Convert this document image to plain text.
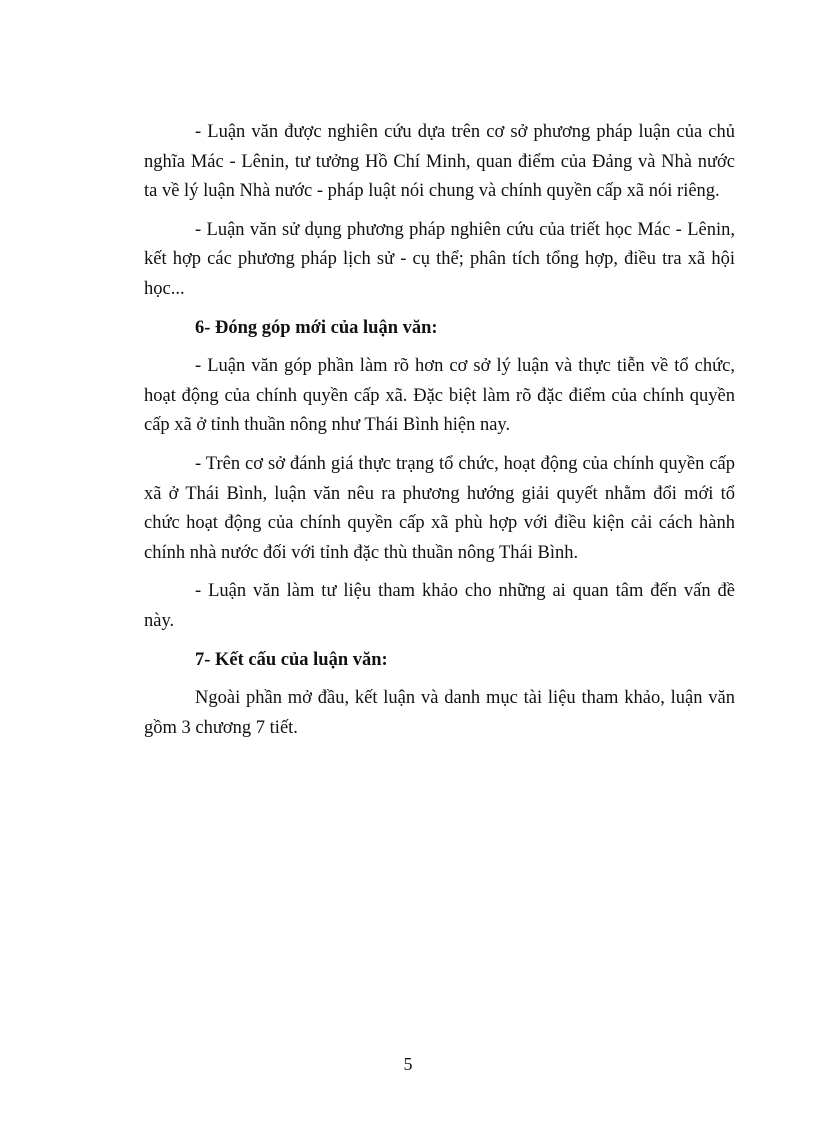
- Luận văn được nghiên cứu dựa trên cơ sở phương pháp luận của chủ nghĩa Mác - Lênin, tư tưởng Hồ Chí Minh, quan điểm của Đảng và Nhà nước ta về lý luận Nhà nước - pháp luật nói chung và chính quyền cấp xã nói riêng.

- Luận văn sử dụng phương pháp nghiên cứu của triết học Mác - Lênin, kết hợp các phương pháp lịch sử - cụ thể; phân tích tổng hợp, điều tra xã hội học...

6- Đóng góp mới của luận văn:

- Luận văn góp phần làm rõ hơn cơ sở lý luận và thực tiễn về tổ chức, hoạt động của chính quyền cấp xã. Đặc biệt làm rõ đặc điểm của chính quyền cấp xã ở tỉnh thuần nông như Thái Bình hiện nay.

- Trên cơ sở đánh giá thực trạng tổ chức, hoạt động của chính quyền cấp xã ở Thái Bình, luận văn nêu ra phương hướng giải quyết nhằm đổi mới tổ chức hoạt động của chính quyền cấp xã phù hợp với điều kiện cải cách hành chính nhà nước đối với tỉnh đặc thù thuần nông Thái Bình.

- Luận văn làm tư liệu tham khảo cho những ai quan tâm đến vấn đề này.

7- Kết cấu của luận văn:

Ngoài phần mở đầu, kết luận và danh mục tài liệu tham khảo, luận văn gồm 3 chương 7 tiết.

5
